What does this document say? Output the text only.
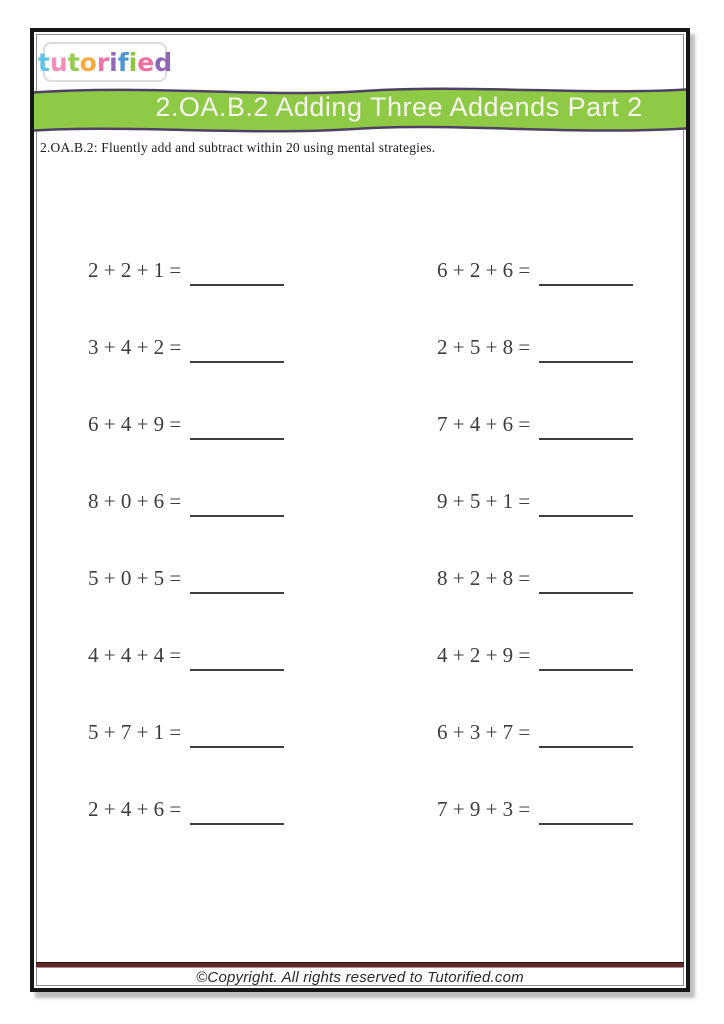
t u t o r i f i e d
2.OA.B.2 Adding Three Addends Part 2
2.OA.B.2: Fluently add and subtract within 20 using mental strategies.
2 + 2 + 1 =	6 + 2 + 6 =
3 + 4 + 2 =	2 + 5 + 8 =
6 + 4 + 9 =	7 + 4 + 6 =
8 + 0 + 6 =	9 + 5 + 1 =
5 + 0 + 5 =	8 + 2 + 8 =
4 + 4 + 4 =	4 + 2 + 9 =
5 + 7 + 1 =	6 + 3 + 7 =
2 + 4 + 6 =	7 + 9 + 3 =
©Copyright. All rights reserved to Tutorified.com
